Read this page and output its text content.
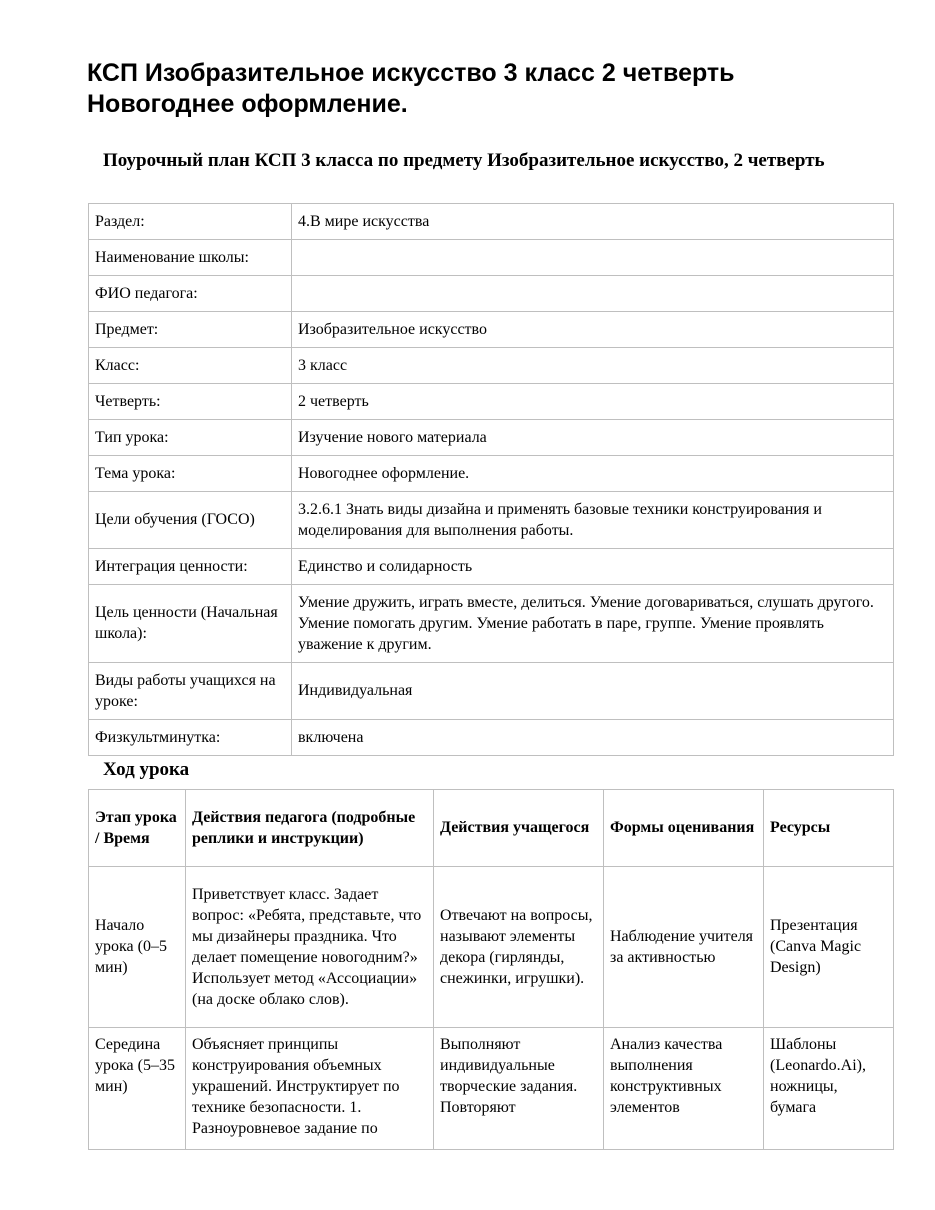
КСП Изобразительное искусство 3 класс 2 четверть
Новогоднее оформление.
Поурочный план КСП 3 класса по предмету Изобразительное искусство, 2 четверть
Раздел:	4.В мире искусства
Наименование школы:	
ФИО педагога:	
Предмет:	Изобразительное искусство
Класс:	3 класс
Четверть:	2 четверть
Тип урока:	Изучение нового материала
Тема урока:	Новогоднее оформление.
Цели обучения (ГОСО)	3.2.6.1 Знать виды дизайна и применять базовые техники конструирования и моделирования для выполнения работы.
Интеграция ценности:	Единство и солидарность
Цель ценности (Начальная школа):	Умение дружить, играть вместе, делиться. Умение договариваться, слушать другого. Умение помогать другим. Умение работать в паре, группе. Умение проявлять уважение к другим.
Виды работы учащихся на уроке:	Индивидуальная
Физкультминутка:	включена
Ход урока
Этап урока / Время	Действия педагога (подробные реплики и инструкции)	Действия учащегося	Формы оценивания	Ресурсы
Начало урока (0–5 мин)	Приветствует класс. Задает вопрос: «Ребята, представьте, что мы дизайнеры праздника. Что делает помещение новогодним?» Использует метод «Ассоциации» (на доске облако слов).	Отвечают на вопросы, называют элементы декора (гирлянды, снежинки, игрушки).	Наблюдение учителя за активностью	Презентация (Canva Magic Design)

Середина урока (5–35 мин)	Объясняет принципы конструирования объемных украшений. Инструктирует по технике безопасности. 1. Разноуровневое задание по	Выполняют индивидуальные творческие задания. Повторяют	Анализ качества выполнения конструктивных элементов	Шаблоны (Leonardo.Ai), ножницы, бумага
